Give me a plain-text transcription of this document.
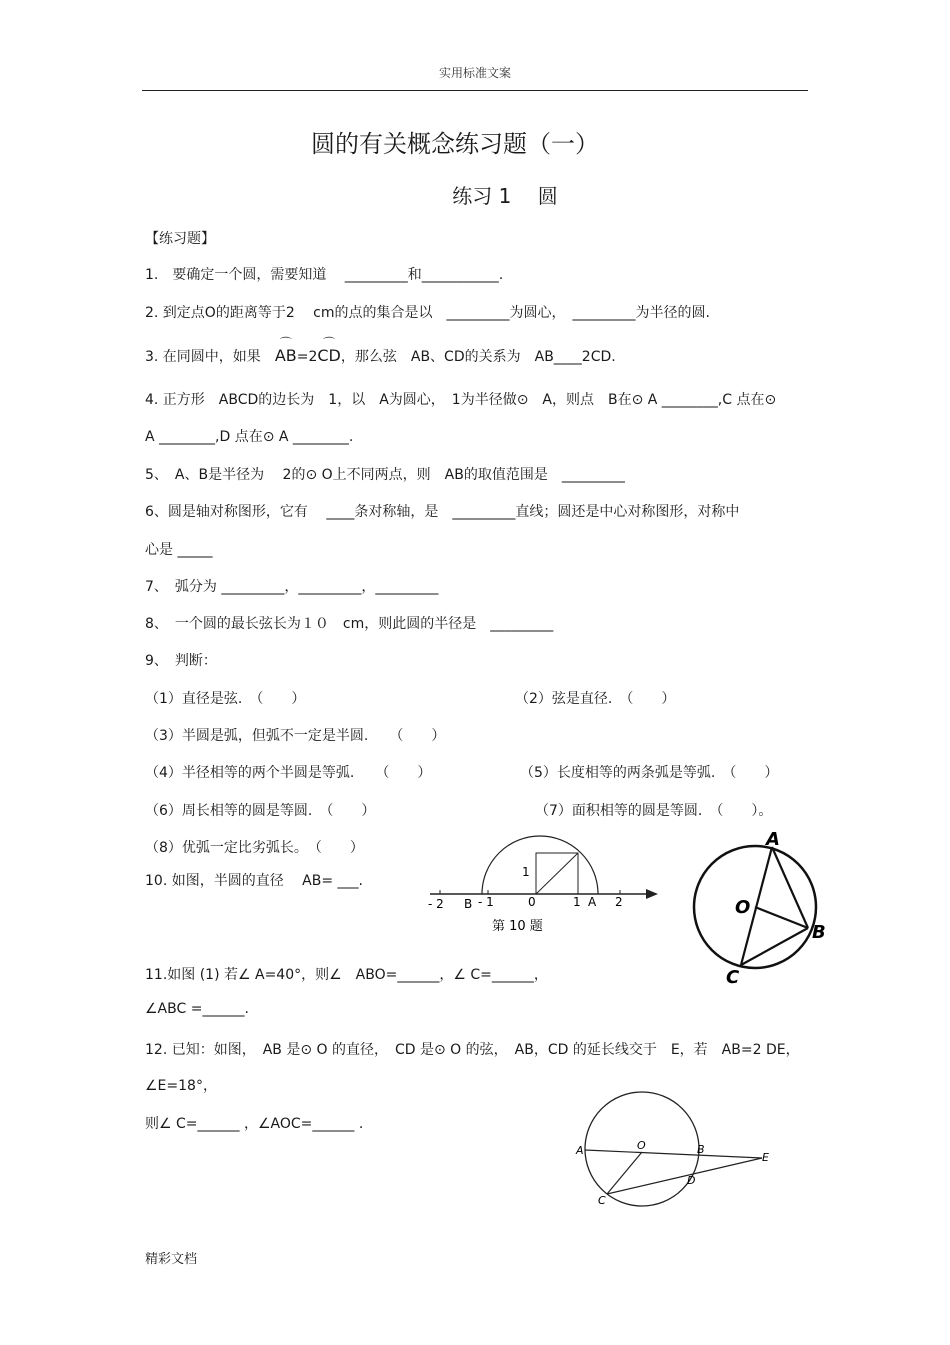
实用标准文案
圆的有关概念练习题（一）
练习 1　 圆
【练习题】
1.　要确定一个圆，需要知道　 _________和___________.
2. 到定点O的距离等于2　 cm的点的集合是以　_________为圆心，　_________为半径的圆.
3. 在同圆中，如果　⌒ AB=2⌒ CD，那么弦　AB、CD的关系为　AB____2CD.
4. 正方形　ABCD的边长为　1，以　A为圆心，　1为半径做⊙　A，则点　B在⊙ A ________,C 点在⊙
A ________,D 点在⊙ A ________.
5、　A、B是半径为　 2的⊙ O上不同两点，则　AB的取值范围是　_________
6、圆是轴对称图形，它有　 ____条对称轴，是　_________直线；圆还是中心对称图形，对称中
心是 _____
7、　弧分为 _________，_________，_________
8、　一个圆的最长弦长为１０　cm，则此圆的半径是　_________
9、　判断：
（1）直径是弦.　（　　）	（2）弦是直径.　（　　）
（3）半圆是弧，但弧不一定是半圆.　　（　　）
（4）半径相等的两个半圆是等弧.　　（　　）	（5）长度相等的两条弧是等弧.　（　　）
（6）周长相等的圆是等圆.　（　　）	（7）面积相等的圆是等圆.　（　　）。
（8）优弧一定比劣弧长。　（　　）
10. 如图，半圆的直径　 AB= ___.
- 2 B - 1	0	1 A 2
1
第 10 题
A
B
C
O
11.如图 (1) 若∠ A=40°，则∠　ABO=______，∠ C=______，
∠ABC =______.
12. 已知：如图，　AB 是⊙ O 的直径，　CD 是⊙ O 的弦，　AB，CD 的延长线交于　E，若　AB=2 DE，
∠E=18°，
则∠ C=______ ，∠AOC=______ .
A	O	B
E
C
D
精彩文档
